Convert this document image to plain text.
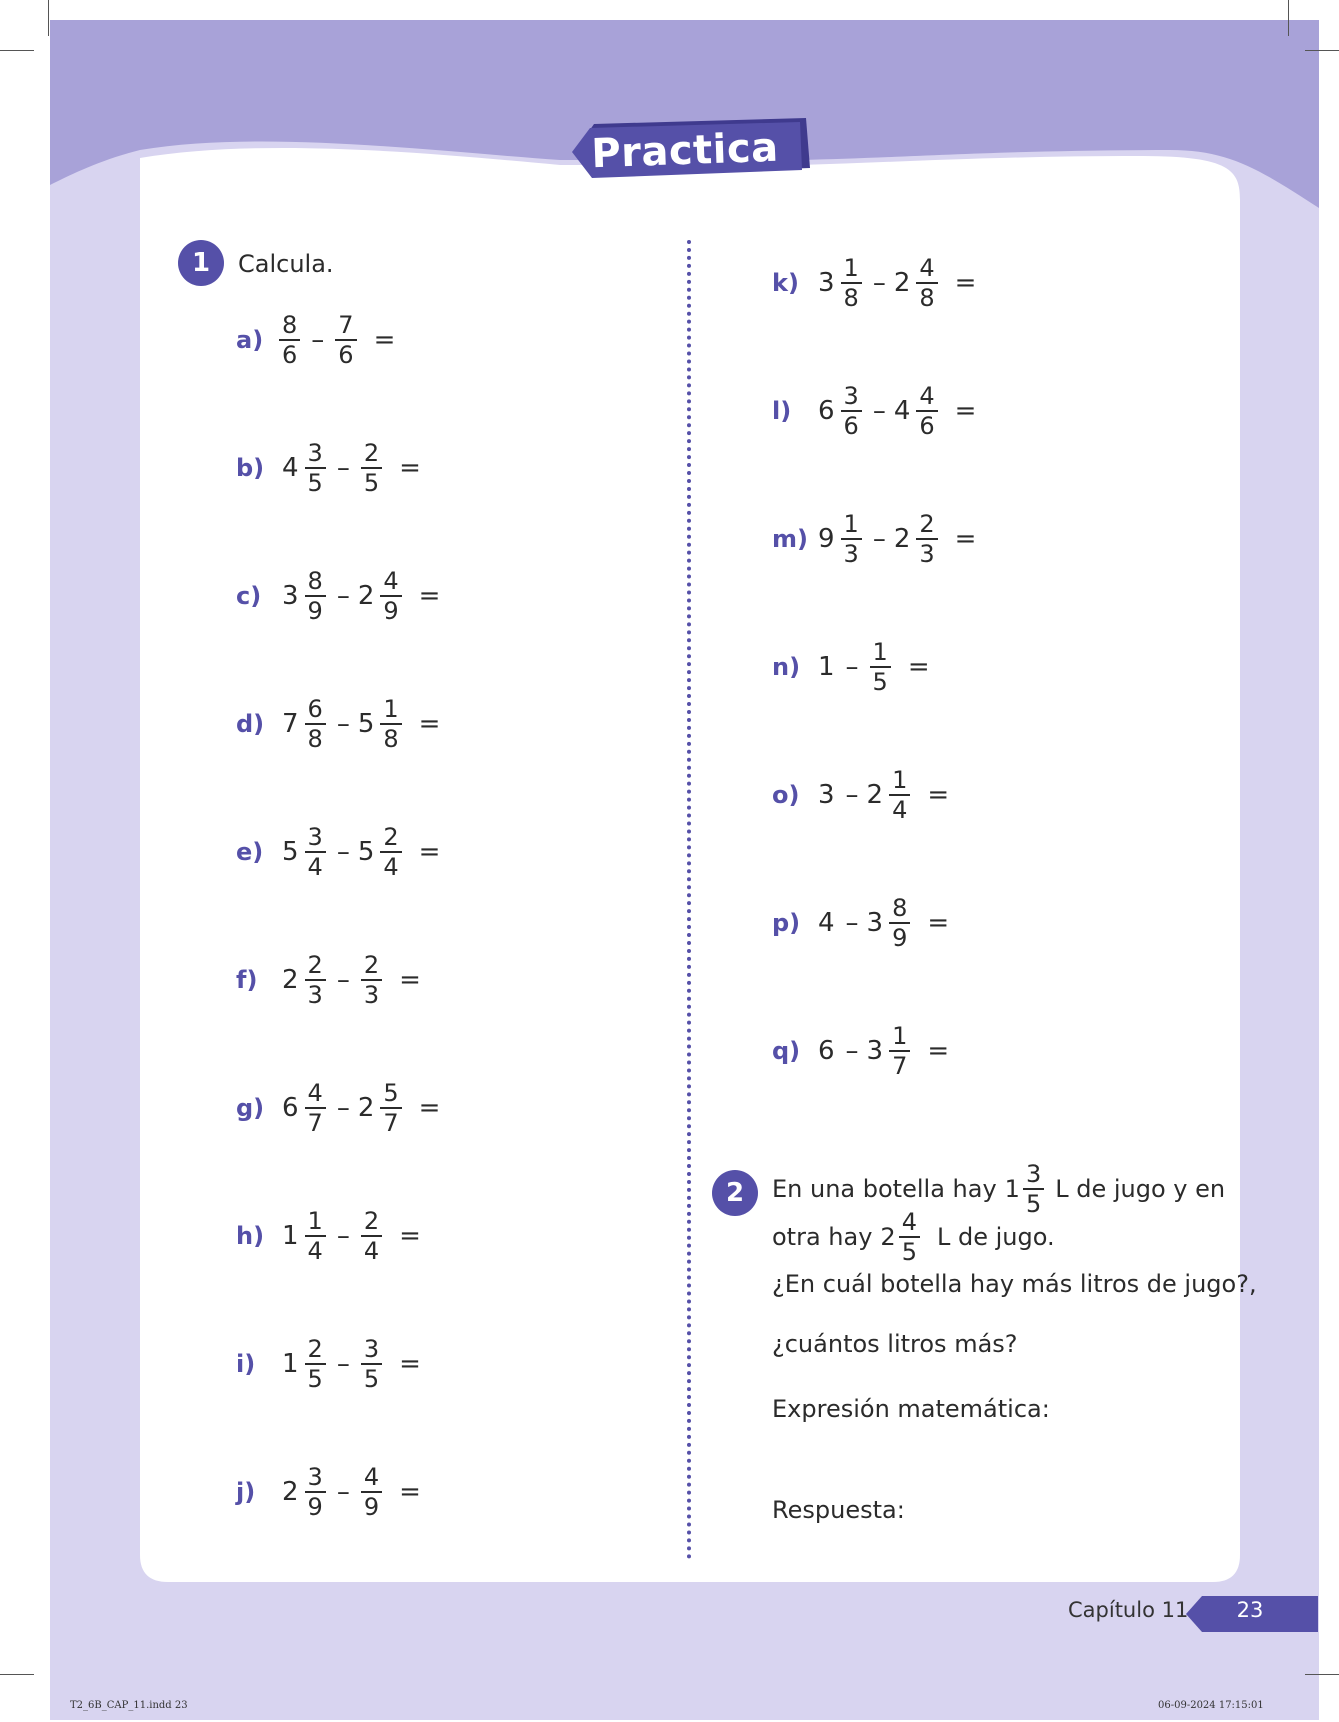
Practica
1	Calcula.
$a) \frac{8}{6} - \frac{7}{6}$ =
b) $4 \frac{3}{5} - \frac{2}{5}$ =
c) $3 \frac{8}{9} - 2 \frac{4}{9}$ =
d) $7 \frac{6}{8} - 5 \frac{1}{8}$ =
e) $5 \frac{3}{4} - 5 \frac{2}{4}$ =
f) $2 \frac{2}{3} - \frac{2}{3}$ =
g) $6 \frac{4}{7} - 2 \frac{5}{7}$ =
h) $1 \frac{1}{4} - \frac{2}{4}$ =
i)	$1 \frac{2}{5} - \frac{3}{5}$ =
j)	$2 \frac{3}{9} - \frac{4}{9}$ =
k) $3 \frac{1}{8} - 2 \frac{4}{8}$ =
l)	$6 \frac{3}{6} - 4 \frac{4}{6}$ =
m) $9 \frac{1}{3} - 2 \frac{2}{3}$ =
n) $1 - \frac{1}{5}$ =
o) $3 - 2 \frac{1}{4}$ =
p) $4 - 3 \frac{8}{9}$ =
q) $6 - 3 \frac{1}{7}$ =
2	En una botella hay $1 \frac{3}{5}$ L de jugo y en
otra hay $2 \frac{4}{5}$ L de jugo.
¿En cuál botella hay más litros de jugo?,
¿cuántos litros más?
Expresión matemática:
Respuesta:
Capítulo 11	23
T2_6B_CAP_11.indd 23	06-09-2024 17:15:01
